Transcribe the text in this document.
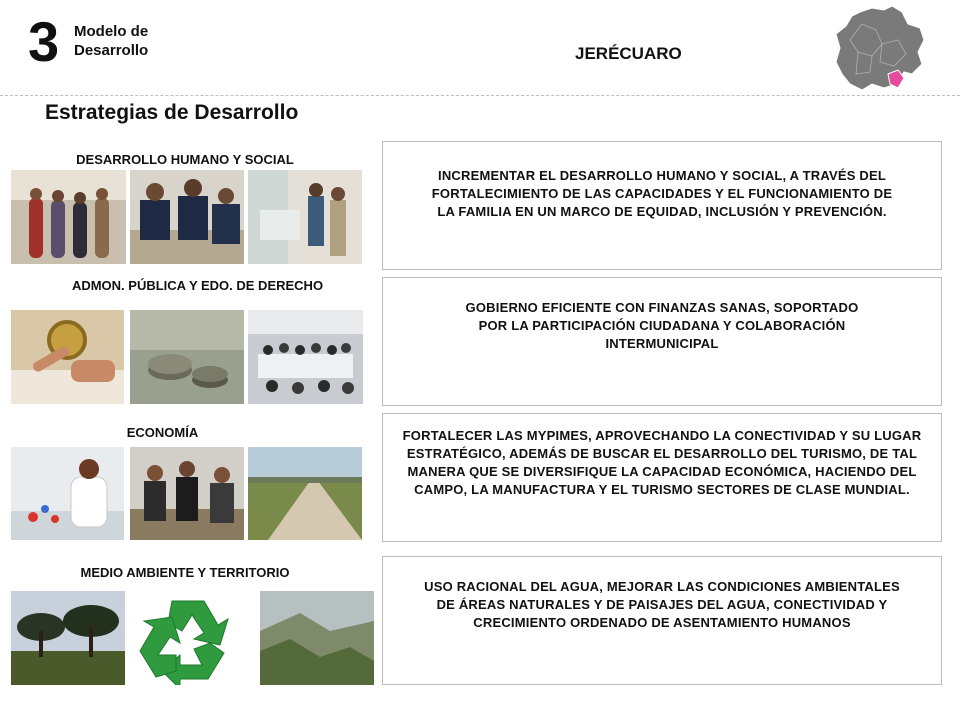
3 Modelo de
Desarrollo	JERÉCUARO
Estrategias de Desarrollo
DESARROLLO HUMANO Y SOCIAL
INCREMENTAR EL DESARROLLO HUMANO Y SOCIAL, A TRAVÉS DEL FORTALECIMIENTO DE LAS CAPACIDADES Y EL FUNCIONAMIENTO DE LA FAMILIA EN UN MARCO DE EQUIDAD, INCLUSIÓN Y PREVENCIÓN.
ADMON. PÚBLICA Y EDO. DE DERECHO
GOBIERNO EFICIENTE CON FINANZAS SANAS, SOPORTADO POR LA PARTICIPACIÓN CIUDADANA Y COLABORACIÓN INTERMUNICIPAL
ECONOMÍA	FORTALECER LAS MYPIMES, APROVECHANDO LA CONECTIVIDAD Y SU LUGAR ESTRATÉGICO, ADEMÁS DE BUSCAR EL DESARROLLO DEL TURISMO, DE TAL MANERA QUE SE DIVERSIFIQUE LA CAPACIDAD ECONÓMICA, HACIENDO DEL CAMPO, LA MANUFACTURA Y EL TURISMO SECTORES DE CLASE MUNDIAL.
MEDIO AMBIENTE Y TERRITORIO
USO RACIONAL DEL AGUA, MEJORAR LAS CONDICIONES AMBIENTALES DE ÁREAS NATURALES Y DE PAISAJES DEL AGUA, CONECTIVIDAD Y CRECIMIENTO ORDENADO DE ASENTAMIENTO HUMANOS
